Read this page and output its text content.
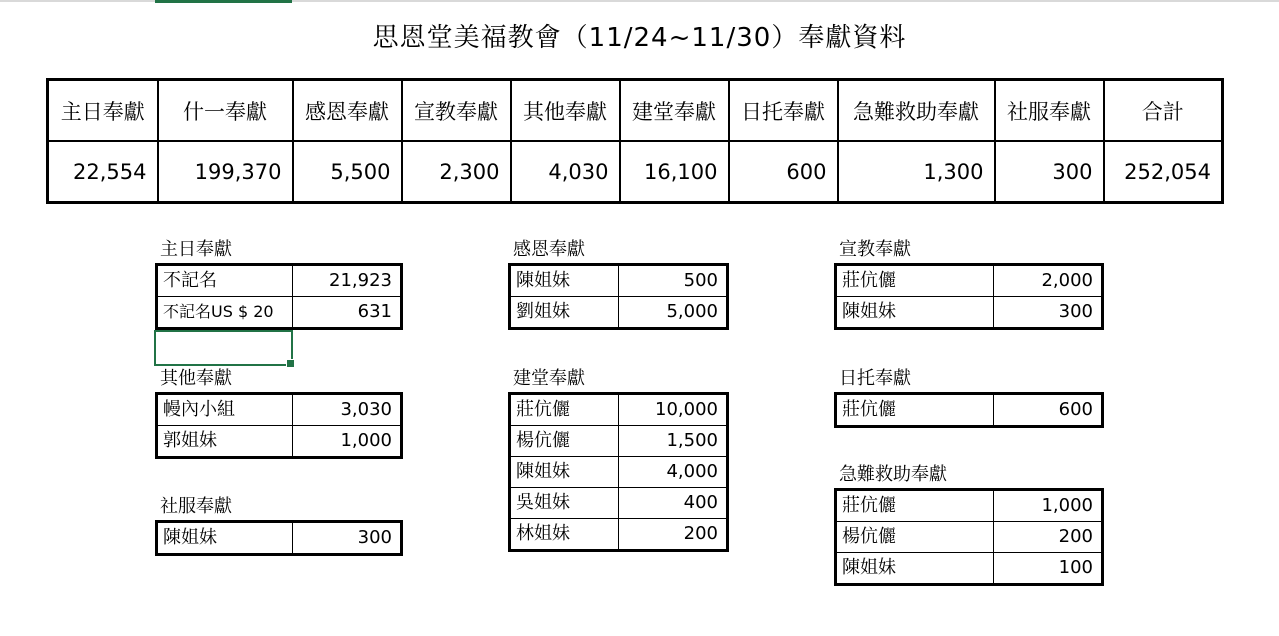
思恩堂美福教會（11/24~11/30）奉獻資料
主日奉獻	什一奉獻	感恩奉獻	宣教奉獻	其他奉獻	建堂奉獻	日托奉獻	急難救助奉獻	社服奉獻	合計
22,554	199,370	5,500	2,300	4,030	16,100	600	1,300	300	252,054
主日奉獻
不記名	21,923
不記名US $ 20	631
感恩奉獻
陳姐妹	500
劉姐妹	5,000
宣教奉獻
莊伉儷	2,000
陳姐妹	300
其他奉獻
幔內小組	3,030
郭姐妹	1,000
建堂奉獻
莊伉儷	10,000
楊伉儷	1,500
陳姐妹	4,000
吳姐妹	400
林姐妹	200
日托奉獻
莊伉儷	600
社服奉獻
陳姐妹	300
急難救助奉獻
莊伉儷	1,000
楊伉儷	200
陳姐妹	100
